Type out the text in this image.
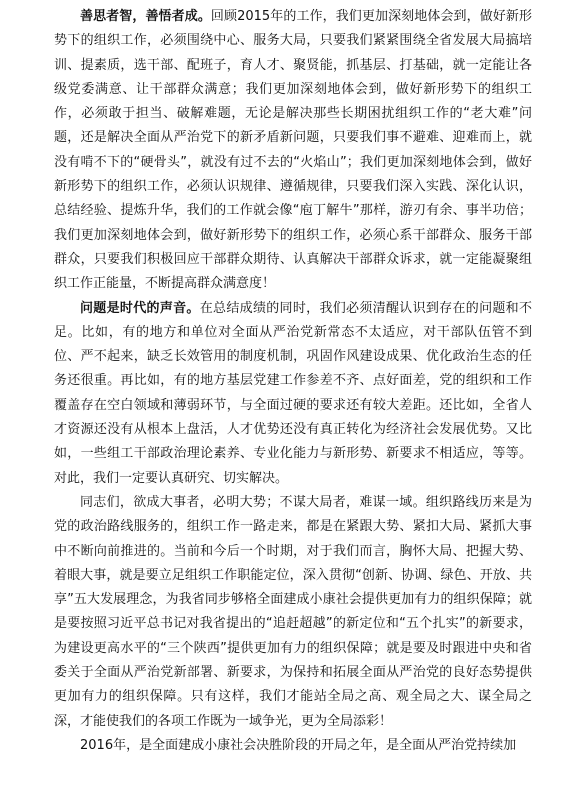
善思者智，善悟者成。回顾2015年的工作，我们更加深刻地体会到，做好新形势下的组织工作，必须围绕中心、服务大局，只要我们紧紧围绕全省发展大局搞培训、提素质，选干部、配班子，育人才、聚贤能，抓基层、打基础，就一定能让各级党委满意、让干部群众满意；我们更加深刻地体会到，做好新形势下的组织工作，必须敢于担当、破解难题，无论是解决那些长期困扰组织工作的“老大难”问题，还是解决全面从严治党下的新矛盾新问题，只要我们事不避难、迎难而上，就没有啃不下的“硬骨头”，就没有过不去的“火焰山”；我们更加深刻地体会到，做好新形势下的组织工作，必须认识规律、遵循规律，只要我们深入实践、深化认识，总结经验、提炼升华，我们的工作就会像“庖丁解牛”那样，游刃有余、事半功倍；我们更加深刻地体会到，做好新形势下的组织工作，必须心系干部群众、服务干部群众，只要我们积极回应干部群众期待、认真解决干部群众诉求，就一定能凝聚组织工作正能量，不断提高群众满意度！

问题是时代的声音。在总结成绩的同时，我们必须清醒认识到存在的问题和不足。比如，有的地方和单位对全面从严治党新常态不太适应，对干部队伍管不到位、严不起来，缺乏长效管用的制度机制，巩固作风建设成果、优化政治生态的任务还很重。再比如，有的地方基层党建工作参差不齐、点好面差，党的组织和工作覆盖存在空白领域和薄弱环节，与全面过硬的要求还有较大差距。还比如，全省人才资源还没有从根本上盘活，人才优势还没有真正转化为经济社会发展优势。又比如，一些组工干部政治理论素养、专业化能力与新形势、新要求不相适应，等等。对此，我们一定要认真研究、切实解决。

同志们，欲成大事者，必明大势；不谋大局者，难谋一域。组织路线历来是为党的政治路线服务的，组织工作一路走来，都是在紧跟大势、紧扣大局、紧抓大事中不断向前推进的。当前和今后一个时期，对于我们而言，胸怀大局、把握大势、着眼大事，就是要立足组织工作职能定位，深入贯彻“创新、协调、绿色、开放、共享”五大发展理念，为我省同步够格全面建成小康社会提供更加有力的组织保障；就是要按照习近平总书记对我省提出的“追赶超越”的新定位和“五个扎实”的新要求，为建设更高水平的“三个陕西”提供更加有力的组织保障；就是要及时跟进中央和省委关于全面从严治党新部署、新要求，为保持和拓展全面从严治党的良好态势提供更加有力的组织保障。只有这样，我们才能站全局之高、观全局之大、谋全局之深，才能使我们的各项工作既为一域争光，更为全局添彩！

2016年，是全面建成小康社会决胜阶段的开局之年，是全面从严治党持续加
